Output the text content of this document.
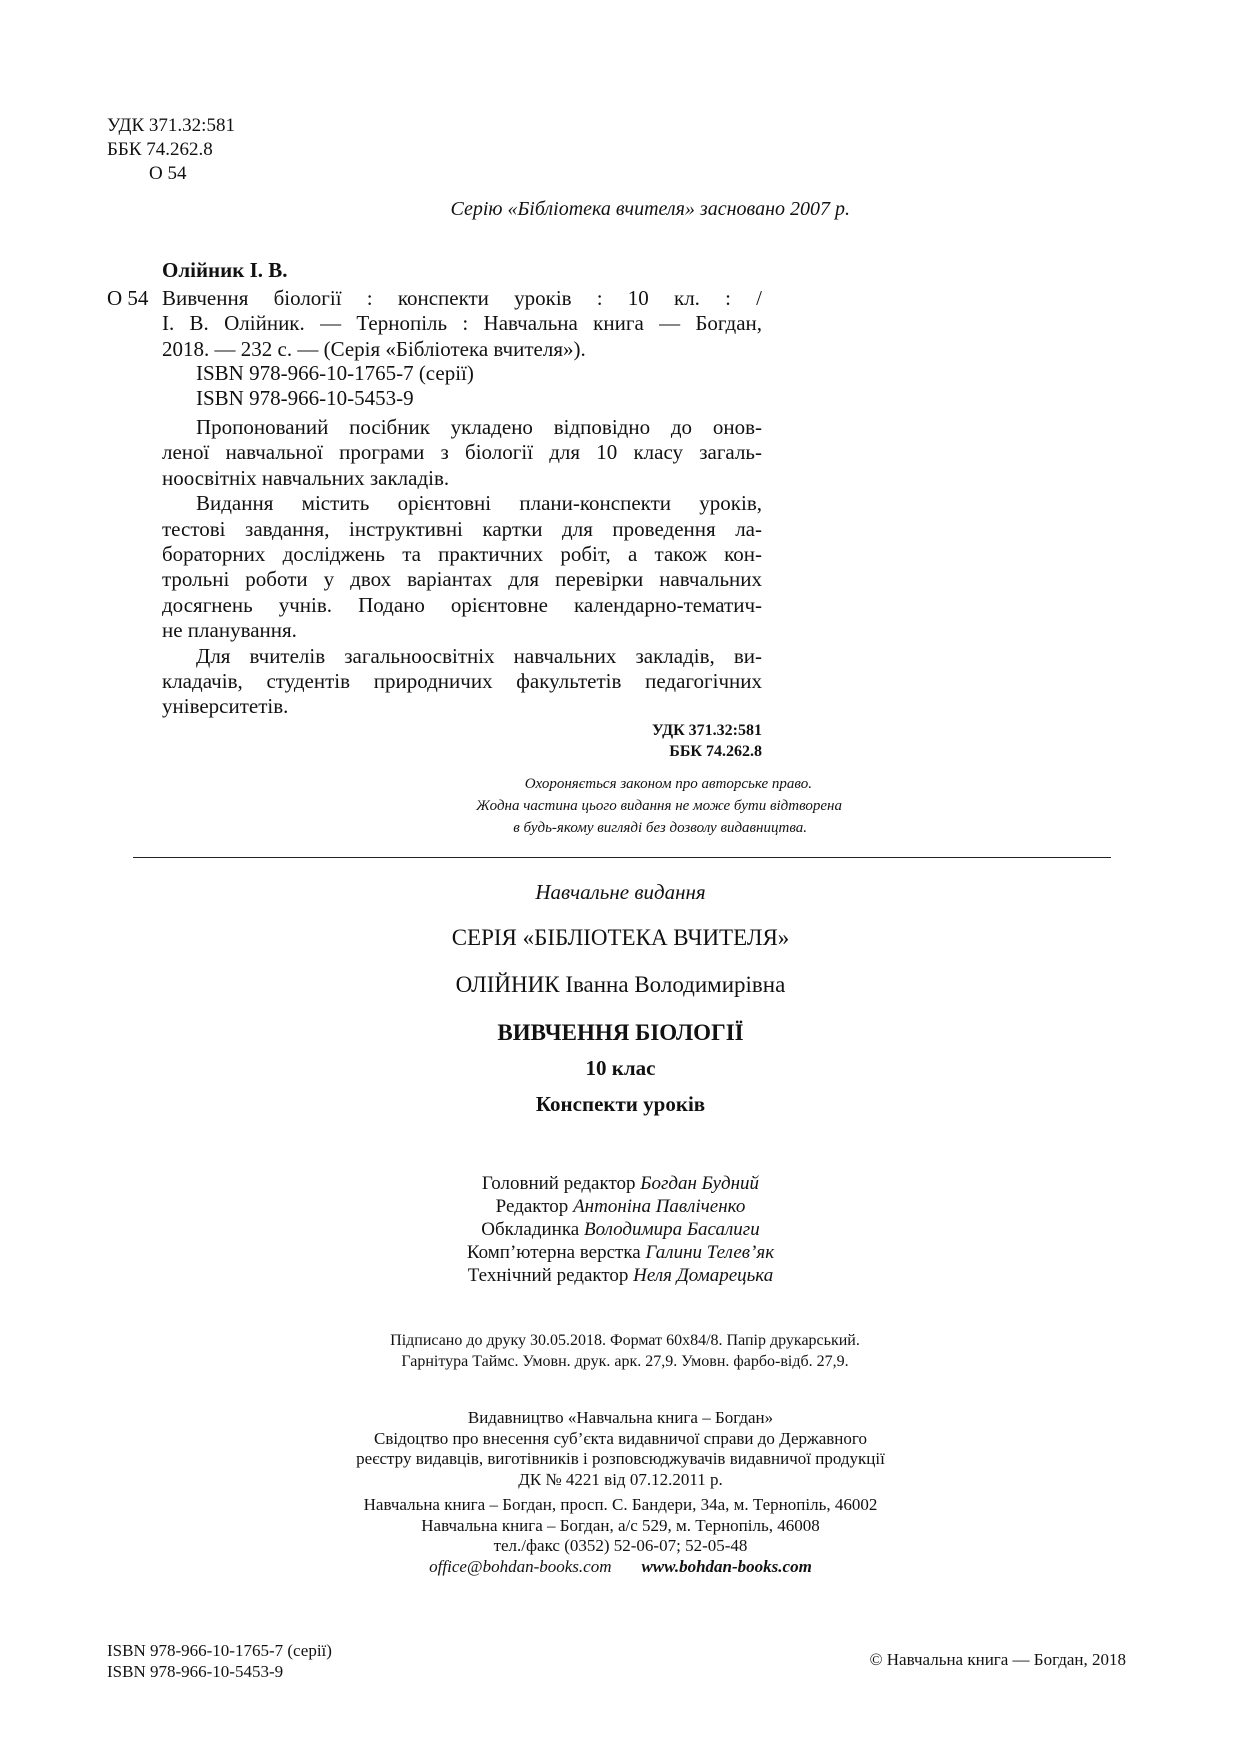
УДК 371.32:581
ББК 74.262.8
О 54
Серію «Бібліотека вчителя» засновано 2007 р.
Олійник І. В.
О 54 Вивчення біології : конспекти уроків : 10 кл. : /
І. В. Олійник. — Тернопіль : Навчальна книга — Богдан,
2018. — 232 с. — (Серія «Бібліотека вчителя»).
ISBN 978-966-10-1765-7 (серії)
ISBN 978-966-10-5453-9
Пропонований посібник укладено відповідно до онов-
леної навчальної програми з біології для 10 класу загаль-
ноосвітніх навчальних закладів.
Видання містить орієнтовні плани-конспекти уроків,
тестові завдання, інструктивні картки для проведення ла-
бораторних досліджень та практичних робіт, а також кон-
трольні роботи у двох варіантах для перевірки навчальних
досягнень учнів. Подано орієнтовне календарно-тематич-
не планування.
Для вчителів загальноосвітніх навчальних закладів, ви-
кладачів, студентів природничих факультетів педагогічних
університетів.
УДК 371.32:581
ББК 74.262.8
Охороняється законом про авторське право.
Жодна частина цього видання не може бути відтворена
в будь-якому вигляді без дозволу видавництва.
Навчальне видання
СЕРІЯ «БІБЛІОТЕКА ВЧИТЕЛЯ»
ОЛІЙНИК Іванна Володимирівна
ВИВЧЕННЯ БІОЛОГІЇ
10 клас
Конспекти уроків
Головний редактор Богдан Будний
Редактор Антоніна Павліченко
Обкладинка Володимира Басалиги
Комп’ютерна верстка Галини Телев’як
Технічний редактор Неля Домарецька
Підписано до друку 30.05.2018. Формат 60х84/8. Папір друкарський.
Гарнітура Таймс. Умовн. друк. арк. 27,9. Умовн. фарбо-відб. 27,9.
Видавництво «Навчальна книга – Богдан»
Свідоцтво про внесення суб’єкта видавничої справи до Державного
реєстру видавців, виготівників і розповсюджувачів видавничої продукції
ДК № 4221 від 07.12.2011 р.
Навчальна книга – Богдан, просп. С. Бандери, 34а, м. Тернопіль, 46002
Навчальна книга – Богдан, а/с 529, м. Тернопіль, 46008
тел./факс (0352) 52-06-07; 52-05-48
office@bohdan-books.com www.bohdan-books.com
ISBN 978-966-10-1765-7 (серії)
ISBN 978-966-10-5453-9
© Навчальна книга — Богдан, 2018
